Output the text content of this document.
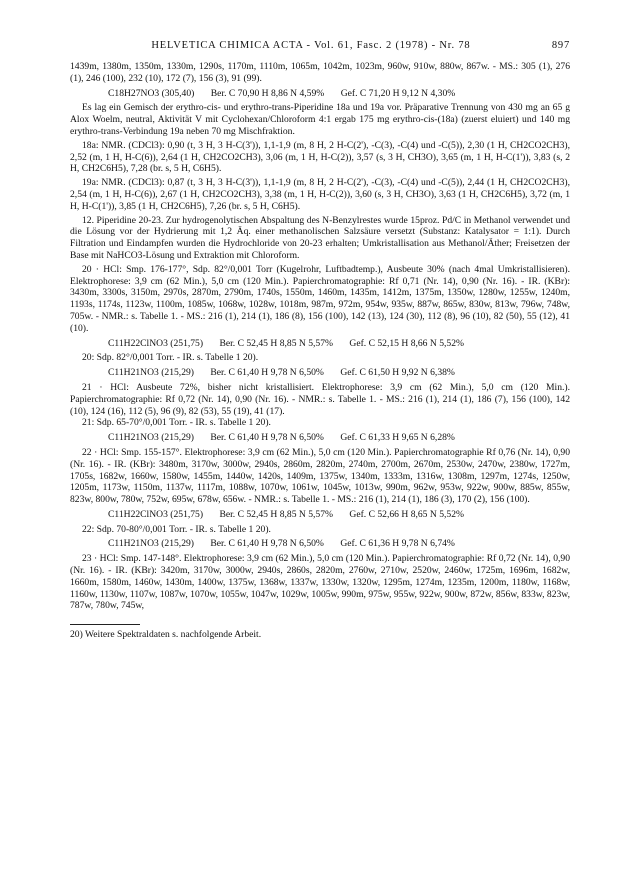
HELVETICA CHIMICA ACTA - Vol. 61, Fasc. 2 (1978) - Nr. 78	897

1439m, 1380m, 1350m, 1330m, 1290s, 1170m, 1110m, 1065m, 1042m, 1023m, 960w, 910w, 880w, 867w. - MS.: 305 (1), 276 (1), 246 (100), 232 (10), 172 (7), 156 (3), 91 (99).

C18H27NO3 (305,40) Ber. C 70,90 H 8,86 N 4,59% Gef. C 71,20 H 9,12 N 4,30%

Es lag ein Gemisch der erythro-cis- und erythro-trans-Piperidine 18a und 19a vor. Präparative Trennung von 430 mg an 65 g Alox Woelm, neutral, Aktivität V mit Cyclohexan/Chloroform 4:1 ergab 175 mg erythro-cis-(18a) (zuerst eluiert) und 140 mg erythro-trans-Verbindung 19a neben 70 mg Mischfraktion.

18a: NMR. (CDCl3): 0,90 (t, 3 H, 3 H-C(3')), 1,1-1,9 (m, 8 H, 2 H-C(2'), -C(3), -C(4) und -C(5)), 2,30 (1 H, CH2CO2CH3), 2,52 (m, 1 H, H-C(6)), 2,64 (1 H, CH2CO2CH3), 3,06 (m, 1 H, H-C(2)), 3,57 (s, 3 H, CH3O), 3,65 (m, 1 H, H-C(1')), 3,83 (s, 2 H, CH2C6H5), 7,28 (br. s, 5 H, C6H5).

19a: NMR. (CDCl3): 0,87 (t, 3 H, 3 H-C(3')), 1,1-1,9 (m, 8 H, 2 H-C(2'), -C(3), -C(4) und -C(5)), 2,44 (1 H, CH2CO2CH3), 2,54 (m, 1 H, H-C(6)), 2,67 (1 H, CH2CO2CH3), 3,38 (m, 1 H, H-C(2)), 3,60 (s, 3 H, CH3O), 3,63 (1 H, CH2C6H5), 3,72 (m, 1 H, H-C(1')), 3,85 (1 H, CH2C6H5), 7,26 (br. s, 5 H, C6H5).

12. Piperidine 20-23. Zur hydrogenolytischen Abspaltung des N-Benzylrestes wurde 15proz. Pd/C in Methanol verwendet und die Lösung vor der Hydrierung mit 1,2 Äq. einer methanolischen Salzsäure versetzt (Substanz: Katalysator = 1:1). Durch Filtration und Eindampfen wurden die Hydrochloride von 20-23 erhalten; Umkristallisation aus Methanol/Äther; Freisetzen der Base mit NaHCO3-Lösung und Extraktion mit Chloroform.

20 · HCl: Smp. 176-177°, Sdp. 82°/0,001 Torr (Kugelrohr, Luftbadtemp.), Ausbeute 30% (nach 4mal Umkristallisieren). Elektrophorese: 3,9 cm (62 Min.), 5,0 cm (120 Min.). Papierchromatographie: Rf 0,71 (Nr. 14), 0,90 (Nr. 16). - IR. (KBr): 3430m, 3300s, 3150m, 2970s, 2870m, 2790m, 1740s, 1550m, 1460m, 1435m, 1412m, 1375m, 1350w, 1280w, 1255w, 1240m, 1193s, 1174s, 1123w, 1100m, 1085w, 1068w, 1028w, 1018m, 987m, 972m, 954w, 935w, 887w, 865w, 830w, 813w, 796w, 748w, 705w. - NMR.: s. Tabelle 1. - MS.: 216 (1), 214 (1), 186 (8), 156 (100), 142 (13), 124 (30), 112 (8), 96 (10), 82 (50), 55 (12), 41 (10).

C11H22ClNO3 (251,75) Ber. C 52,45 H 8,85 N 5,57% Gef. C 52,15 H 8,66 N 5,52%

20: Sdp. 82°/0,001 Torr. - IR. s. Tabelle 1 20).

C11H21NO3 (215,29) Ber. C 61,40 H 9,78 N 6,50% Gef. C 61,50 H 9,92 N 6,38%

21 · HCl: Ausbeute 72%, bisher nicht kristallisiert. Elektrophorese: 3,9 cm (62 Min.), 5,0 cm (120 Min.). Papierchromatographie: Rf 0,72 (Nr. 14), 0,90 (Nr. 16). - NMR.: s. Tabelle 1. - MS.: 216 (1), 214 (1), 186 (7), 156 (100), 142 (10), 124 (16), 112 (5), 96 (9), 82 (53), 55 (19), 41 (17).

21: Sdp. 65-70°/0,001 Torr. - IR. s. Tabelle 1 20).

C11H21NO3 (215,29) Ber. C 61,40 H 9,78 N 6,50% Gef. C 61,33 H 9,65 N 6,28%

22 · HCl: Smp. 155-157°. Elektrophorese: 3,9 cm (62 Min.), 5,0 cm (120 Min.). Papierchromatographie Rf 0,76 (Nr. 14), 0,90 (Nr. 16). - IR. (KBr): 3480m, 3170w, 3000w, 2940s, 2860m, 2820m, 2740m, 2700m, 2670m, 2530w, 2470w, 2380w, 1727m, 1705s, 1682w, 1660w, 1580w, 1455m, 1440w, 1420s, 1409m, 1375w, 1340m, 1333m, 1316w, 1308m, 1297m, 1274s, 1250w, 1205m, 1173w, 1150m, 1137w, 1117m, 1088w, 1070w, 1061w, 1045w, 1013w, 990m, 962w, 953w, 922w, 900w, 885w, 855w, 823w, 800w, 780w, 752w, 695w, 678w, 656w. - NMR.: s. Tabelle 1. - MS.: 216 (1), 214 (1), 186 (3), 170 (2), 156 (100).

C11H22ClNO3 (251,75) Ber. C 52,45 H 8,85 N 5,57% Gef. C 52,66 H 8,65 N 5,52%

22: Sdp. 70-80°/0,001 Torr. - IR. s. Tabelle 1 20).

C11H21NO3 (215,29) Ber. C 61,40 H 9,78 N 6,50% Gef. C 61,36 H 9,78 N 6,74%

23 · HCl: Smp. 147-148°. Elektrophorese: 3,9 cm (62 Min.), 5,0 cm (120 Min.). Papierchromatographie: Rf 0,72 (Nr. 14), 0,90 (Nr. 16). - IR. (KBr): 3420m, 3170w, 3000w, 2940s, 2860s, 2820m, 2760w, 2710w, 2520w, 2460w, 1725m, 1696m, 1682w, 1660m, 1580m, 1460w, 1430m, 1400w, 1375w, 1368w, 1337w, 1330w, 1320w, 1295m, 1274m, 1235m, 1200m, 1180w, 1168w, 1160w, 1130w, 1107w, 1087w, 1070w, 1055w, 1047w, 1029w, 1005w, 990m, 975w, 955w, 922w, 900w, 872w, 856w, 833w, 823w, 787w, 780w, 745w,

20) Weitere Spektraldaten s. nachfolgende Arbeit.
